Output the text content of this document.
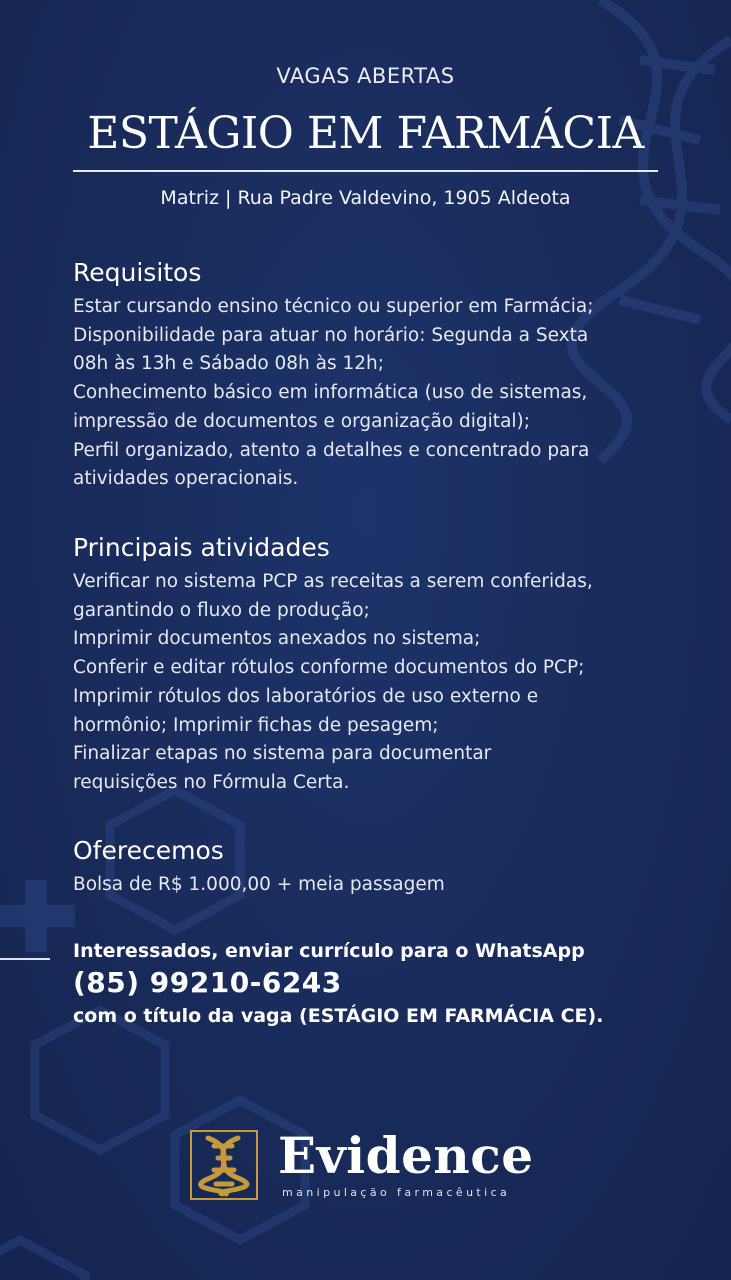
VAGAS ABERTAS
ESTÁGIO EM FARMÁCIA
Matriz | Rua Padre Valdevino, 1905 Aldeota
Requisitos
Estar cursando ensino técnico ou superior em Farmácia;
Disponibilidade para atuar no horário: Segunda a Sexta
08h às 13h e Sábado 08h às 12h;
Conhecimento básico em informática (uso de sistemas,
impressão de documentos e organização digital);
Perfil organizado, atento a detalhes e concentrado para
atividades operacionais.
Principais atividades
Verificar no sistema PCP as receitas a serem conferidas,
garantindo o fluxo de produção;
Imprimir documentos anexados no sistema;
Conferir e editar rótulos conforme documentos do PCP;
Imprimir rótulos dos laboratórios de uso externo e
hormônio; Imprimir fichas de pesagem;
Finalizar etapas no sistema para documentar
requisições no Fórmula Certa.
Oferecemos
Bolsa de R$ 1.000,00 + meia passagem
Interessados, enviar currículo para o WhatsApp
(85) 99210-6243
com o título da vaga (ESTÁGIO EM FARMÁCIA CE).
Evidence
manipulação farmacêutica
